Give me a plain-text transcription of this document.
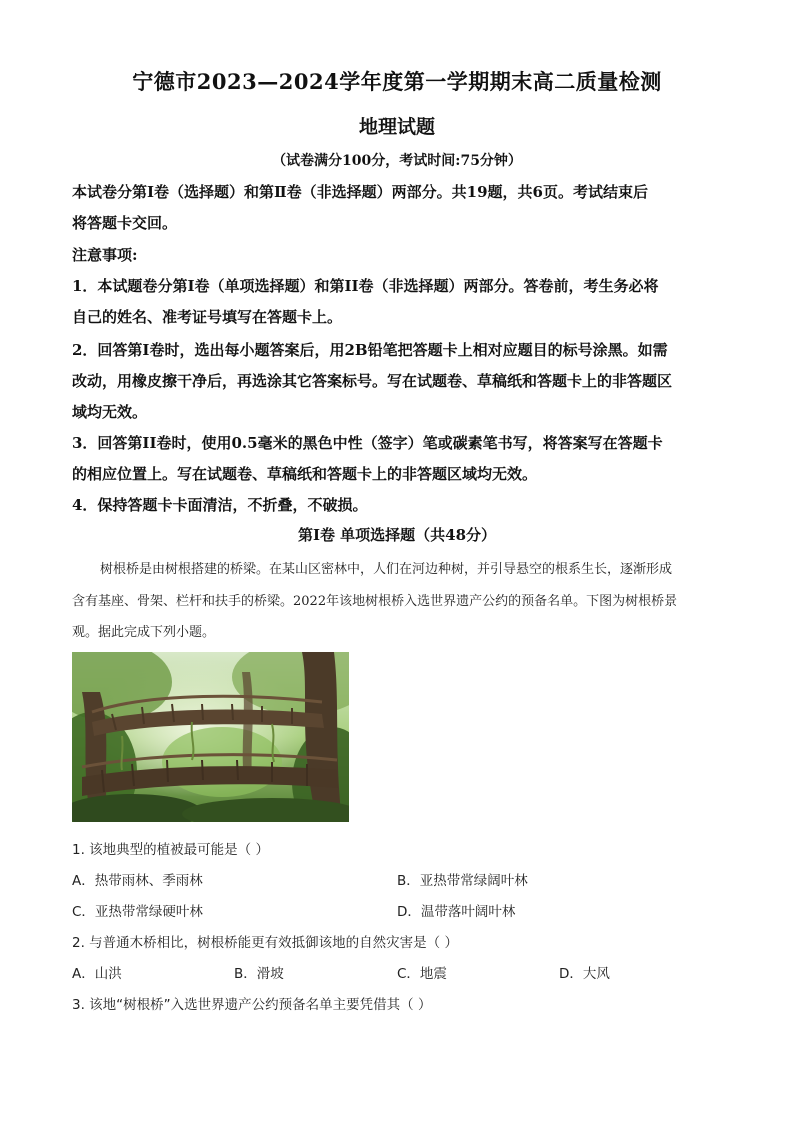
宁德市2023—2024学年度第一学期期末高二质量检测
地理试题
（试卷满分100分，考试时间:75分钟）
本试卷分第Ⅰ卷（选择题）和第Ⅱ卷（非选择题）两部分。共19题，共6页。考试结束后
将答题卡交回。
注意事项:
1．本试题卷分第Ⅰ卷（单项选择题）和第II卷（非选择题）两部分。答卷前，考生务必将
自己的姓名、准考证号填写在答题卡上。
2．回答第Ⅰ卷时，选出每小题答案后，用2B铅笔把答题卡上相对应题目的标号涂黑。如需
改动，用橡皮擦干净后，再选涂其它答案标号。写在试题卷、草稿纸和答题卡上的非答题区
域均无效。
3．回答第II卷时，使用0.5毫米的黑色中性（签字）笔或碳素笔书写，将答案写在答题卡
的相应位置上。写在试题卷、草稿纸和答题卡上的非答题区域均无效。
4．保持答题卡卡面清洁，不折叠，不破损。
第Ⅰ卷 单项选择题（共48分）
树根桥是由树根搭建的桥梁。在某山区密林中，人们在河边种树，并引导悬空的根系生长，逐渐形成
含有基座、骨架、栏杆和扶手的桥梁。2022年该地树根桥入选世界遗产公约的预备名单。下图为树根桥景
观。据此完成下列小题。
1. 该地典型的植被最可能是（ ）
A．热带雨林、季雨林	B．亚热带常绿阔叶林
C．亚热带常绿硬叶林	D．温带落叶阔叶林
2. 与普通木桥相比，树根桥能更有效抵御该地的自然灾害是（ ）
A．山洪	B．滑坡	C．地震	D．大风
3. 该地“树根桥”入选世界遗产公约预备名单主要凭借其（ ）
